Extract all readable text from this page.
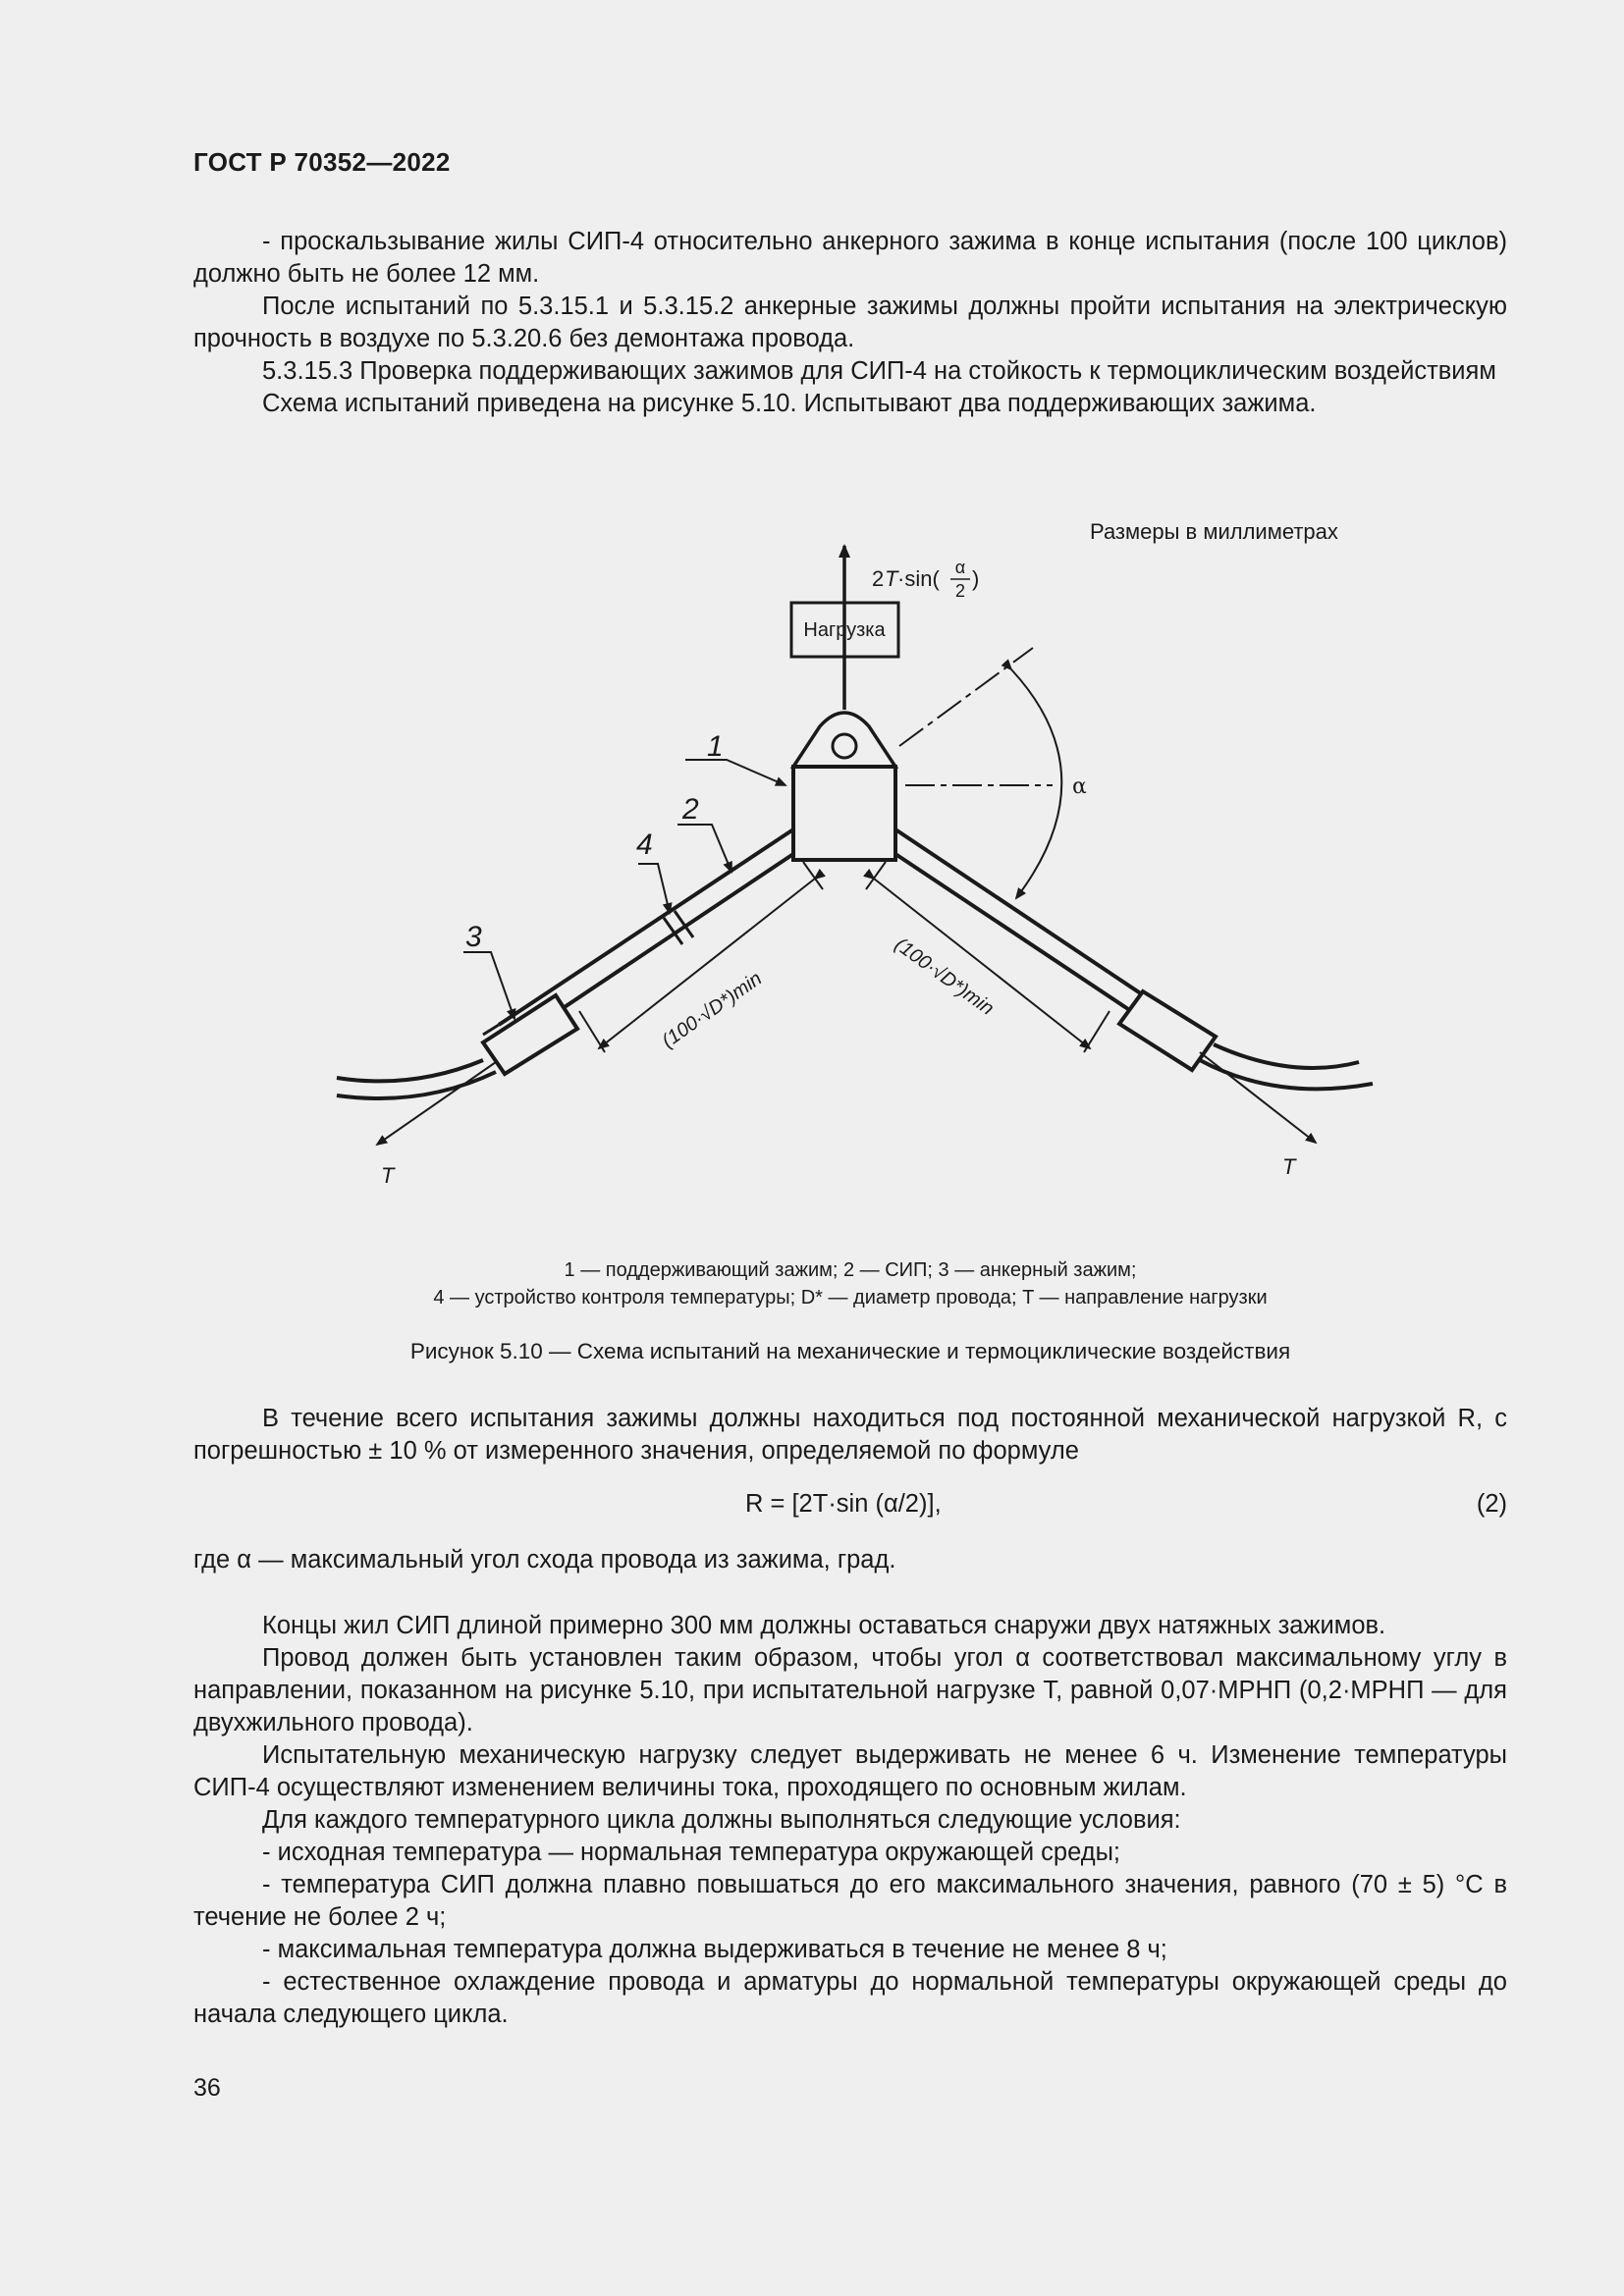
ГОСТ Р 70352—2022

- проскальзывание жилы СИП-4 относительно анкерного зажима в конце испытания (после 100 циклов) должно быть не более 12 мм.

После испытаний по 5.3.15.1 и 5.3.15.2 анкерные зажимы должны пройти испытания на электрическую прочность в воздухе по 5.3.20.6 без демонтажа провода.

5.3.15.3 Проверка поддерживающих зажимов для СИП-4 на стойкость к термоциклическим воздействиям

Схема испытаний приведена на рисунке 5.10. Испытывают два поддерживающих зажима.

Размеры в миллиметрах
Нагрузка
2 T ·sin( α
2 )
α
1
2
4
3
(100·√D*)min	(100·√D*)min
T	T
1 — поддерживающий зажим; 2 — СИП; 3 — анкерный зажим;
4 — устройство контроля температуры; D* — диаметр провода; T — направление нагрузки
Рисунок 5.10 — Схема испытаний на механические и термоциклические воздействия

В течение всего испытания зажимы должны находиться под постоянной механической нагрузкой R, с погрешностью ± 10 % от измеренного значения, определяемой по формуле

R = [2T·sin (α/2)],	(2)

где α — максимальный угол схода провода из зажима, град.

Концы жил СИП длиной примерно 300 мм должны оставаться снаружи двух натяжных зажимов.

Провод должен быть установлен таким образом, чтобы угол α соответствовал максимальному углу в направлении, показанном на рисунке 5.10, при испытательной нагрузке T, равной 0,07·МРНП (0,2·МРНП — для двухжильного провода).

Испытательную механическую нагрузку следует выдерживать не менее 6 ч. Изменение температуры СИП-4 осуществляют изменением величины тока, проходящего по основным жилам.

Для каждого температурного цикла должны выполняться следующие условия:

- исходная температура — нормальная температура окружающей среды;

- температура СИП должна плавно повышаться до его максимального значения, равного (70 ± 5) °С в течение не более 2 ч;

- максимальная температура должна выдерживаться в течение не менее 8 ч;

- естественное охлаждение провода и арматуры до нормальной температуры окружающей среды до начала следующего цикла.

36
